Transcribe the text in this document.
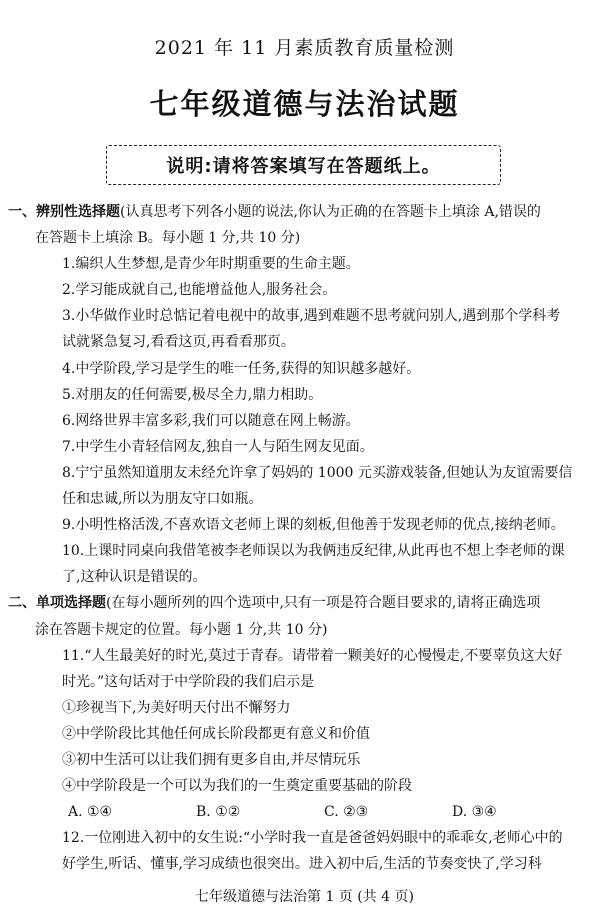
2021 年 11 月素质教育质量检测
七年级道德与法治试题
说明:请将答案填写在答题纸上。
一、辨别性选择题(认真思考下列各小题的说法,你认为正确的在答题卡上填涂 A,错误的
在答题卡上填涂 B。每小题 1 分,共 10 分)
1.编织人生梦想,是青少年时期重要的生命主题。
2.学习能成就自己,也能增益他人,服务社会。
3.小华做作业时总惦记着电视中的故事,遇到难题不思考就问别人,遇到那个学科考
试就紧急复习,看看这页,再看看那页。
4.中学阶段,学习是学生的唯一任务,获得的知识越多越好。
5.对朋友的任何需要,极尽全力,鼎力相助。
6.网络世界丰富多彩,我们可以随意在网上畅游。
7.中学生小青轻信网友,独自一人与陌生网友见面。
8.宁宁虽然知道朋友未经允许拿了妈妈的 1000 元买游戏装备,但她认为友谊需要信
任和忠诚,所以为朋友守口如瓶。
9.小明性格活泼,不喜欢语文老师上课的刻板,但他善于发现老师的优点,接纳老师。
10.上课时同桌向我借笔被李老师误以为我俩违反纪律,从此再也不想上李老师的课
了,这种认识是错误的。
二、单项选择题(在每小题所列的四个选项中,只有一项是符合题目要求的,请将正确选项
涂在答题卡规定的位置。每小题 1 分,共 10 分)
11.“人生最美好的时光,莫过于青春。请带着一颗美好的心慢慢走,不要辜负这大好
时光。”这句话对于中学阶段的我们启示是
①珍视当下,为美好明天付出不懈努力
②中学阶段比其他任何成长阶段都更有意义和价值
③初中生活可以让我们拥有更多自由,并尽情玩乐
④中学阶段是一个可以为我们的一生奠定重要基础的阶段
A. ①④	B. ①②	C. ②③	D. ③④
12.一位刚进入初中的女生说:“小学时我一直是爸爸妈妈眼中的乖乖女,老师心中的
好学生,听话、懂事,学习成绩也很突出。进入初中后,生活的节奏变快了,学习科
七年级道德与法治第 1 页 (共 4 页)
